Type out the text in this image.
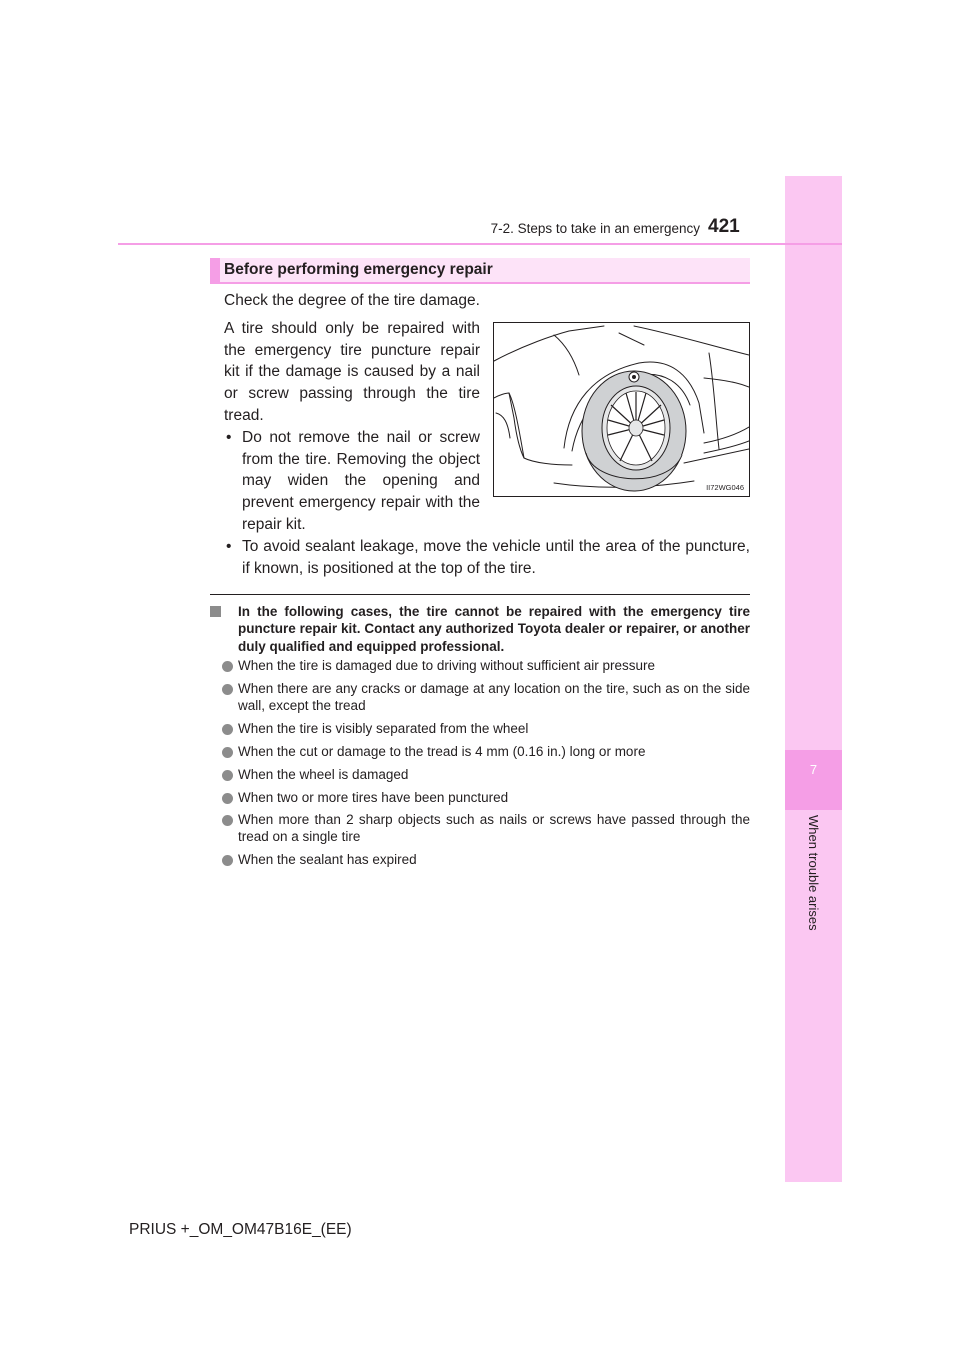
7
When trouble arises
7-2. Steps to take in an emergency 421
Before performing emergency repair
Check the degree of the tire damage.

A tire should only be repaired with the emergency tire puncture repair kit if the damage is caused by a nail or screw passing through the tire tread.

• Do not remove the nail or screw from the tire. Removing the object may widen the opening and prevent emergency repair with the repair kit.

• To avoid sealant leakage, move the vehicle until the area of the puncture, if known, is positioned at the top of the tire.

II72WG046

In the following cases, the tire cannot be repaired with the emergency tire puncture repair kit. Contact any authorized Toyota dealer or repairer, or another duly qualified and equipped professional.

When the tire is damaged due to driving without sufficient air pressure

When there are any cracks or damage at any location on the tire, such as on the side wall, except the tread

When the tire is visibly separated from the wheel

When the cut or damage to the tread is 4 mm (0.16 in.) long or more

When the wheel is damaged

When two or more tires have been punctured

When more than 2 sharp objects such as nails or screws have passed through the tread on a single tire

When the sealant has expired

PRIUS +_OM_OM47B16E_(EE)
